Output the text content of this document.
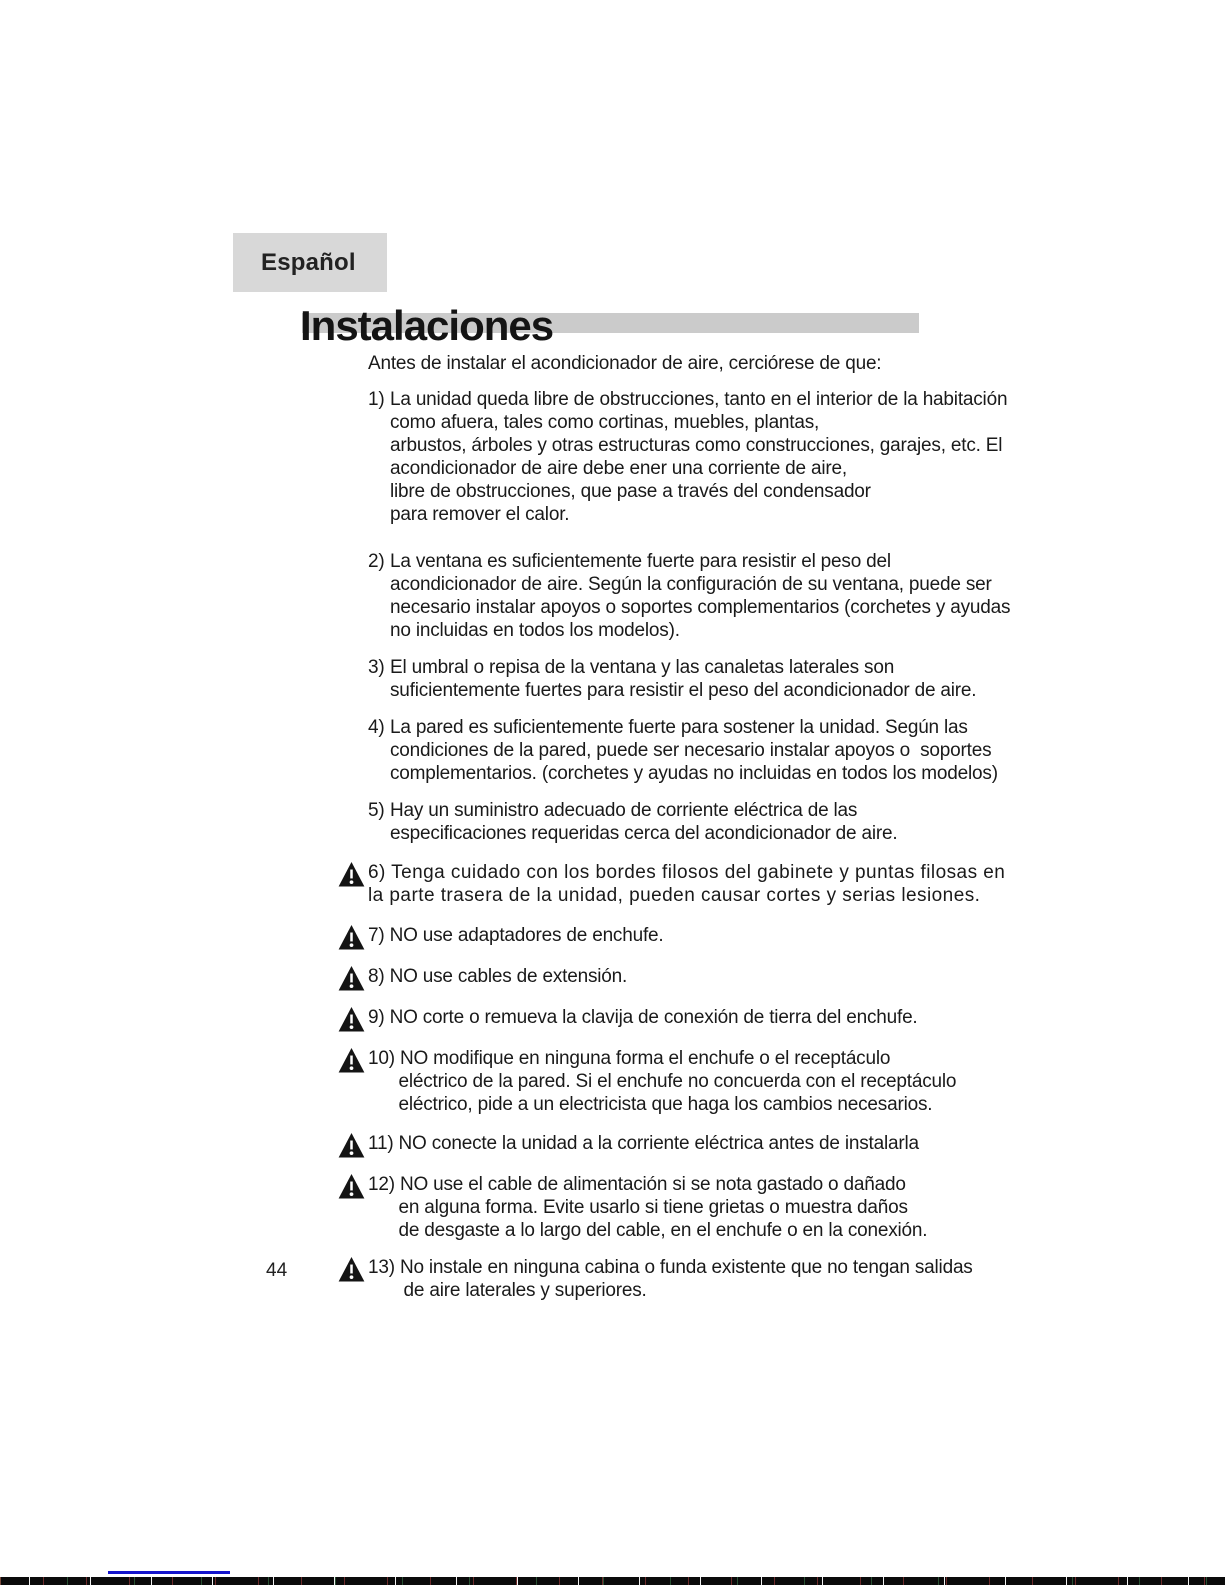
Español
Instalaciones

Antes de instalar el acondicionador de aire, cerciórese de que:

1) La unidad queda libre de obstrucciones, tanto en el interior de la habitación
como afuera, tales como cortinas, muebles, plantas,
arbustos, árboles y otras estructuras como construcciones, garajes, etc. El
acondicionador de aire debe ener una corriente de aire,
libre de obstrucciones, que pase a través del condensador
para remover el calor.
2) La ventana es suficientemente fuerte para resistir el peso del
acondicionador de aire. Según la configuración de su ventana, puede ser
necesario instalar apoyos o soportes complementarios (corchetes y ayudas
no incluidas en todos los modelos).
3) El umbral o repisa de la ventana y las canaletas laterales son
suficientemente fuertes para resistir el peso del acondicionador de aire.
4) La pared es suficientemente fuerte para sostener la unidad. Según las
condiciones de la pared, puede ser necesario instalar apoyos o  soportes
complementarios. (corchetes y ayudas no incluidas en todos los modelos)
5) Hay un suministro adecuado de corriente eléctrica de las
especificaciones requeridas cerca del acondicionador de aire.
6) Tenga cuidado con los bordes filosos del gabinete y puntas filosas en
la parte trasera de la unidad, pueden causar cortes y serias lesiones.
7) NO use adaptadores de enchufe.
8) NO use cables de extensión.
9) NO corte o remueva la clavija de conexión de tierra del enchufe.
10) NO modifique en ninguna forma el enchufe o el receptáculo
eléctrico de la pared. Si el enchufe no concuerda con el receptáculo
eléctrico, pide a un electricista que haga los cambios necesarios.
11) NO conecte la unidad a la corriente eléctrica antes de instalarla
12) NO use el cable de alimentación si se nota gastado o dañado
en alguna forma. Evite usarlo si tiene grietas o muestra daños
de desgaste a lo largo del cable, en el enchufe o en la conexión.
13) No instale en ninguna cabina o funda existente que no tengan salidas
de aire laterales y superiores.
44
